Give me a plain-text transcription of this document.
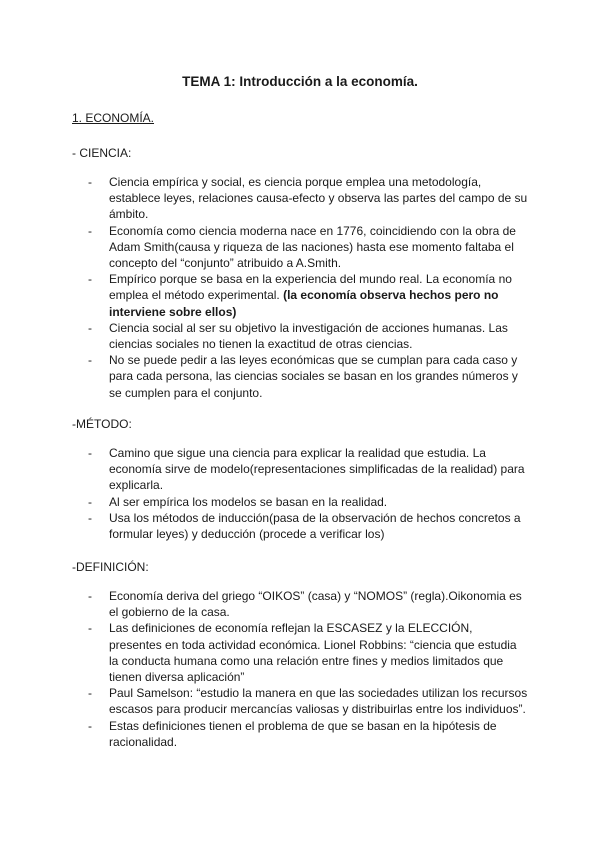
TEMA 1: Introducción a la economía.
1. ECONOMÍA.
- CIENCIA:
- Ciencia empírica y social, es ciencia porque emplea una metodología, establece leyes, relaciones causa-efecto y observa las partes del campo de su ámbito.
- Economía como ciencia moderna nace en 1776, coincidiendo con la obra de Adam Smith(causa y riqueza de las naciones) hasta ese momento faltaba el concepto del “conjunto” atribuido a A.Smith.
- Empírico porque se basa en la experiencia del mundo real. La economía no emplea el método experimental. (la economía observa hechos pero no interviene sobre ellos)
- Ciencia social al ser su objetivo la investigación de acciones humanas. Las ciencias sociales no tienen la exactitud de otras ciencias.
- No se puede pedir a las leyes económicas que se cumplan para cada caso y para cada persona, las ciencias sociales se basan en los grandes números y se cumplen para el conjunto.
-MÉTODO:
- Camino que sigue una ciencia para explicar la realidad que estudia. La economía sirve de modelo(representaciones simplificadas de la realidad) para explicarla.
- Al ser empírica los modelos se basan en la realidad.
- Usa los métodos de inducción(pasa de la observación de hechos concretos a formular leyes) y deducción (procede a verificar los)
-DEFINICIÓN:
- Economía deriva del griego “OIKOS” (casa) y “NOMOS” (regla).Oikonomia es el gobierno de la casa.
- Las definiciones de economía reflejan la ESCASEZ y la ELECCIÓN, presentes en toda actividad económica. Lionel Robbins: “ciencia que estudia la conducta humana como una relación entre fines y medios limitados que tienen diversa aplicación”
- Paul Samelson: “estudio la manera en que las sociedades utilizan los recursos escasos para producir mercancías valiosas y distribuirlas entre los individuos”.
- Estas definiciones tienen el problema de que se basan en la hipótesis de racionalidad.
